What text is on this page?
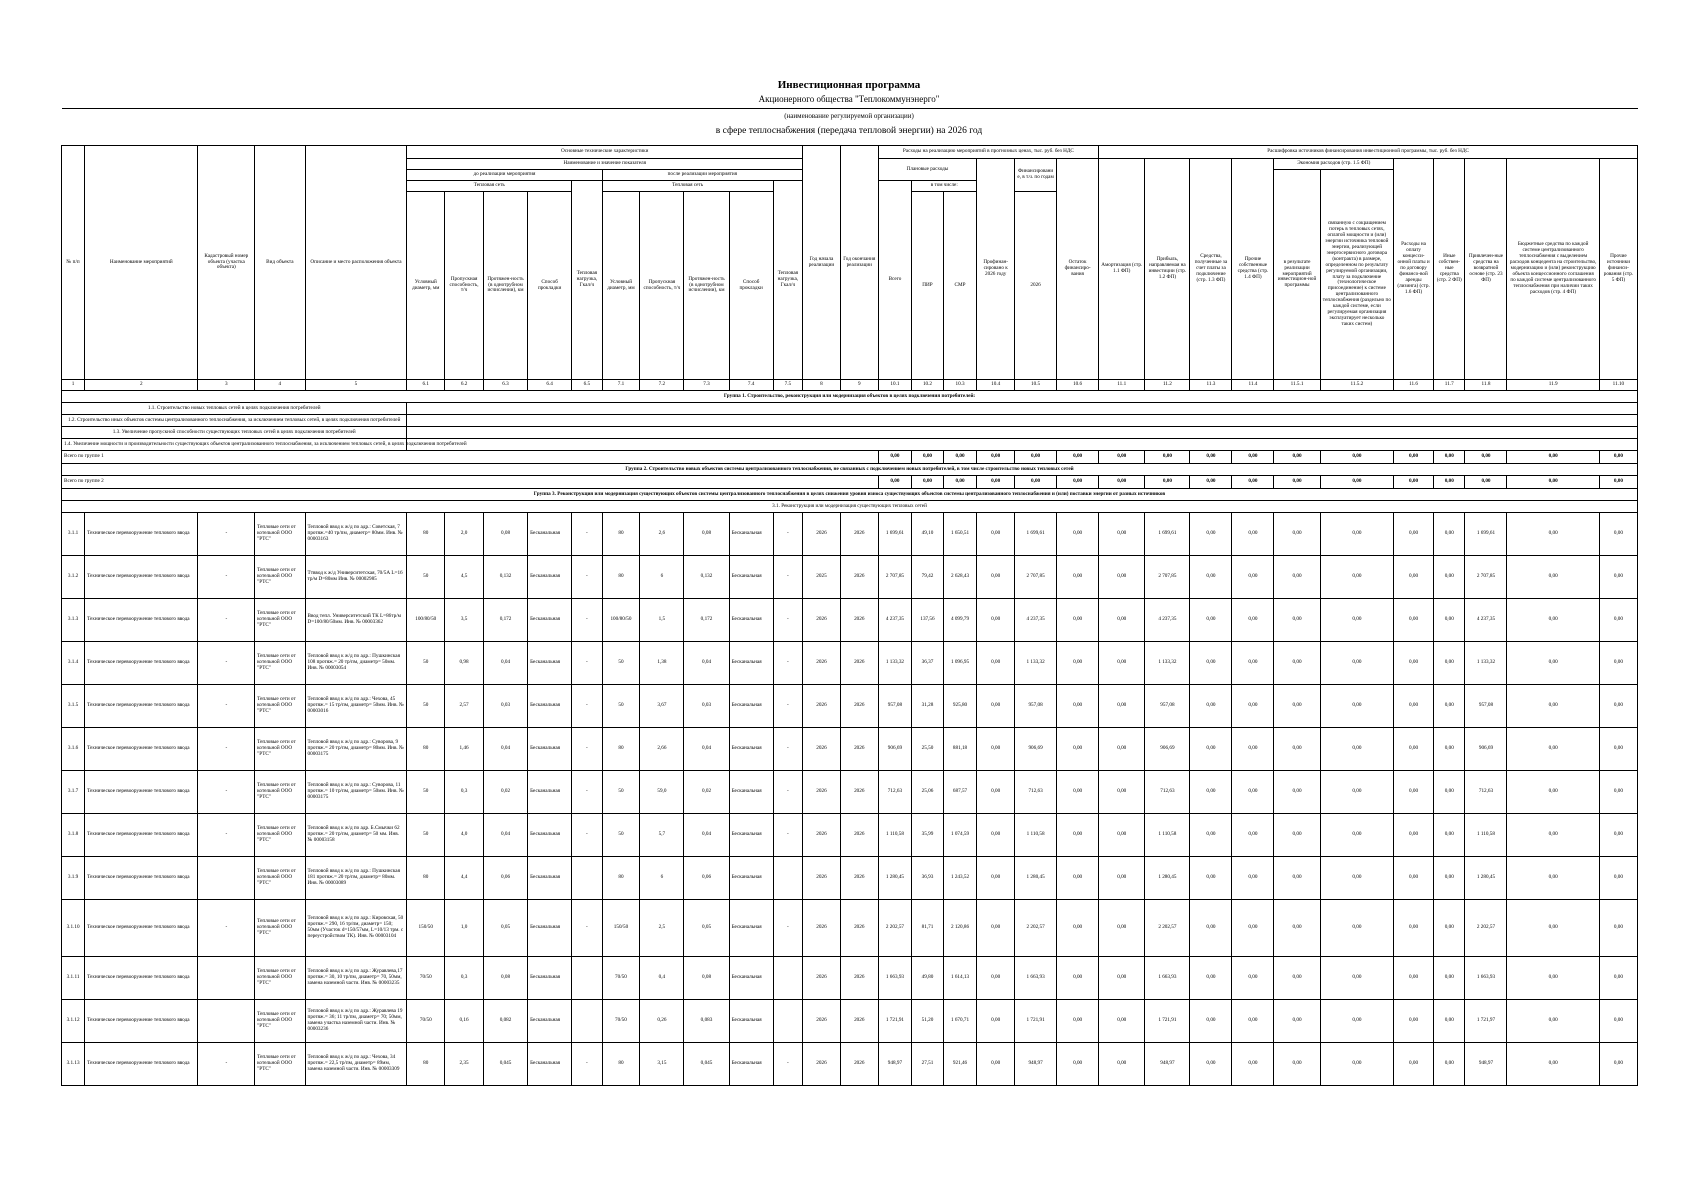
Инвестиционная программа
Акционерного общества "Теплокоммунэнерго"
(наименование регулируемой организации)
в сфере теплоснабжения (передача тепловой энергии) на 2026 год
№ п/п	Наименование мероприятий	Кадастровый номер объекта (участка объекта)	Вид объекта	Описание и место расположения объекта	Основные технические характеристики										Год начала реализации	Год окончания реализации	Расходы на реализацию мероприятий в прогнозных ценах, тыс. руб. без НДС						Расшифровка источников финансирования инвестиционной программы, тыс. руб. без НДС										
					Наименование и значение показателя												Плановые расходы			Профинан-сировано к 2026 году	Финансирование, в т.ч. по годам	Остаток финансиро-вания	Амортизация (стр. 1.1 ФП)	Прибыль, направляемая на инвестиции (стр. 1.2 ФП)	Средства, полученные за счет платы за подключение (стр. 1.3 ФП)	Прочие собственные средства (стр. 1.4 ФП)	Экономия расходов (стр. 1.5 ФП)		Расходы на оплату концесси-онной платы и по договору финансо-вой аренды (лизинга) (стр. 1.6 ФП)	Иные собствен-ные средства (стр. 2 ФП)	Привлечен-ные средства на возвратной основе (стр. 23 ФП)	Бюджетные средства по каждой системе централизованного теплоснабжения с выделением расходов концедента на строительство, модернизацию и (или) реконструкцию объекта концессионного соглашения по каждой системе централизованного теплоснабжения при наличии таких расходов (стр. 4 ФП)	Прочие источники финанси-рования (стр. 5 ФП)
					до реализации мероприятия					после реализации мероприятия																	в результате реализации мероприятий инвестицион-ной программы	связанную с сокращением потерь в тепловых сетях, оплатой мощности и (или) энергии источника тепловой энергии, реализующей энергосервисного договора (контракта) в размере, определенном по результату регулируемой организации, плату за подключение (технологическое присоединение) к системе централизованного теплоснабжения (раздельно по каждой системе, если регулируемая организация эксплуатирует несколько таких систем)					
					Тепловая сеть				Тепловая нагрузка, Гкал/ч	Тепловая сеть				Тепловая нагрузка, Гкал/ч			Всего	в том числе:															
					Условный диаметр, мм	Пропускная способность, т/ч	Протяжен-ность (в однотрубном исчислении), км	Способ прокладки		Условный диаметр, мм	Пропускная способность, т/ч	Протяжен-ность (в однотрубном исчислении), км	Способ прокладки					ПИР	СМР		2026												
1	2	3	4	5	6.1	6.2	6.3	6.4	6.5	7.1	7.2	7.3	7.4	7.5	8	9	10.1	10.2	10.3	10.4	10.5	10.6	11.1	11.2	11.3	11.4	11.5.1	11.5.2	11.6	11.7	11.8	11.9	11.10
Группа 1. Строительство, реконструкция или модернизация объектов в целях подключения потребителей:																																	
1.1. Строительство новых тепловых сетей в целях подключения потребителей																																	
1.2. Строительство иных объектов системы централизованного теплоснабжения, за исключением тепловых сетей, в целях подключения потребителей																																	
1.3. Увеличение пропускной способности существующих тепловых сетей в целях подключения потребителей																																	
1.4. Увеличение мощности и производительности существующих объектов централизованного теплоснабжения, за исключением тепловых сетей, в целях подключения потребителей																																	
Всего по группе 1																	0,00	0,00	0,00	0,00	0,00	0,00	0,00	0,00	0,00	0,00	0,00	0,00	0,00	0,00	0,00	0,00	0,00
Группа 2. Строительство новых объектов системы централизованного теплоснабжения, не связанных с подключением новых потребителей, в том числе строительство новых тепловых сетей																																	
Всего по группе 2																	0,00	0,00	0,00	0,00	0,00	0,00	0,00	0,00	0,00	0,00	0,00	0,00	0,00	0,00	0,00	0,00	0,00
Группа 3. Реконструкция или модернизация существующих объектов системы централизованного теплоснабжения в целях снижения уровня износа существующих объектов системы централизованного теплоснабжения и (или) поставки энергии от разных источников																																	
3.1. Реконструкция или модернизация существующих тепловых сетей																																	
3.1.1	Техническое перевооружение теплового ввода	-	Тепловые сети от котельной ООО "РТС"	Тепловой ввод к ж/д по адр.: Советская, 7 протяж.=40 тр/пм, диаметр= 80мм. Инв. № 00003163	80	2,0	0,08	Бесканальная	-	80	2,6	0,08	Бесканальная	-	2026	2026	1 699,61	49,10	1 650,51	0,00	1 699,61	0,00	0,00	1 699,61	0,00	0,00	0,00	0,00	0,00	0,00	1 699,61	0,00	0,00
3.1.2	Техническое перевооружение теплового ввода	-	Тепловые сети от котельной ООО "РТС"	Ттввод к ж/д Университетская, 70/5А L=16 тр/м D=80мм Инв. № 00002985	50	4,5	0,132	Бесканальная	-	80	6	0,132	Бесканальная	-	2025	2026	2 707,85	79,42	2 628,43	0,00	2 707,85	0,00	0,00	2 707,85	0,00	0,00	0,00	0,00	0,00	0,00	2 707,85	0,00	0,00
3.1.3	Техническое перевооружение теплового ввода	-	Тепловые сети от котельной ООО "РТС"	Ввод тепл. Университетский ТК L=86тр/м D=100/80/50мм. Инв. № 00003362	100/80/50	3,5	0,172	Бесканальная	-	100/80/50	1,5	0,172	Бесканальная	-	2026	2026	4 237,35	137,56	4 099,79	0,00	4 237,35	0,00	0,00	4 237,35	0,00	0,00	0,00	0,00	0,00	0,00	4 237,35	0,00	0,00
3.1.4	Техническое перевооружение теплового ввода	-	Тепловые сети от котельной ООО "РТС"	Тепловой ввод к ж/д по адр.: Пушкинская 108 протяж.= 20 тр/пм, диаметр= 50мм. Инв. № 00003054	50	0,98	0,04	Бесканальная	-	50	1,38	0,04	Бесканальная	-	2026	2026	1 133,32	36,37	1 096,95	0,00	1 133,32	0,00	0,00	1 133,32	0,00	0,00	0,00	0,00	0,00	0,00	1 133,32	0,00	0,00
3.1.5	Техническое перевооружение теплового ввода	-	Тепловые сети от котельной ООО "РТС"	Тепловой ввод к ж/д по адр.: Чехова, 45 протяж.= 15 тр/пм, диаметр= 50мм. Инв. № 00003016	50	2,57	0,03	Бесканальная	-	50	3,67	0,03	Бесканальная	-	2026	2026	957,08	31,28	925,80	0,00	957,08	0,00	0,00	957,08	0,00	0,00	0,00	0,00	0,00	0,00	957,08	0,00	0,00
3.1.6	Техническое перевооружение теплового ввода	-	Тепловые сети от котельной ООО "РТС"	Тепловой ввод к ж/д по адр.: Суворова, 9 протяж.= 20 тр/пм, диаметр= 80мм. Инв. № 00003175	80	1,46	0,04	Бесканальная	-	80	2,66	0,04	Бесканальная	-	2026	2026	906,69	25,50	881,18	0,00	906,69	0,00	0,00	906,69	0,00	0,00	0,00	0,00	0,00	0,00	906,69	0,00	0,00
3.1.7	Техническое перевооружение теплового ввода	-	Тепловые сети от котельной ООО "РТС"	Тепловой ввод к ж/д по адр.: Суворова, 11 протяж.= 10 тр/пм, диаметр= 50мм. Инв. № 00003175	50	0,3	0,02	Бесканальная	-	50	59,0	0,02	Бесканальная	-	2026	2026	712,63	25,06	687,57	0,00	712,63	0,00	0,00	712,63	0,00	0,00	0,00	0,00	0,00	0,00	712,63	0,00	0,00
3.1.8	Техническое перевооружение теплового ввода	-	Тепловые сети от котельной ООО "РТС"	Тепловой ввод к ж/д по адр. Б.Смычки 62 протяж.= 20 тр/пм, диаметр= 50 мм. Инв. № 00003158	50	4,0	0,04	Бесканальная	-	50	5,7	0,04	Бесканальная	-	2026	2026	1 110,58	35,99	1 074,59	0,00	1 110,58	0,00	0,00	1 110,58	0,00	0,00	0,00	0,00	0,00	0,00	1 110,58	0,00	0,00
3.1.9	Техническое перевооружение теплового ввода		Тепловые сети от котельной ООО "РТС"	Тепловой ввод к ж/д по адр.: Пушкинская 181 протяж.= 20 тр/пм, диаметр= 80мм. Инв. № 00003089	80	4,4	0,06	Бесканальная		80	6	0,06	Бесканальная		2026	2026	1 280,45	36,93	1 243,52	0,00	1 280,45	0,00	0,00	1 280,45	0,00	0,00	0,00	0,00	0,00	0,00	1 280,45	0,00	0,00
3.1.10	Техническое перевооружение теплового ввода	-	Тепловые сети от котельной ООО "РТС"	Тепловой ввод к ж/д по адр.: Кировская, 50 протяж.= 290, 16 тр/пм, диаметр= 150; 50мм (Участок d=150/57мм, L=10/13 трм. с переустройством ТК). Инв. № 00003104	150/50	1,0	0,05	Бесканальная	-	150/50	2,5	0,05	Бесканальная	-	2026	2026	2 202,57	81,71	2 120,86	0,00	2 202,57	0,00	0,00	2 202,57	0,00	0,00	0,00	0,00	0,00	0,00	2 202,57	0,00	0,00
3.1.11	Техническое перевооружение теплового ввода		Тепловые сети от котельной ООО "РТС"	Тепловой ввод к ж/д по адр.: Журавлева,17 протяж.= 30, 10 тр/пм, диаметр= 70, 50мм, замена наземной части. Инв. № 00003235	70/50	0,3	0,08	Бесканальная		70/50	0,4	0,08	Бесканальная		2026	2026	1 663,93	49,80	1 614,13	0,00	1 663,93	0,00	0,00	1 663,93	0,00	0,00	0,00	0,00	0,00	0,00	1 663,93	0,00	0,00
3.1.12	Техническое перевооружение теплового ввода		Тепловые сети от котельной ООО "РТС"	Тепловой ввод к ж/д по адр.: Журавлева 19 протяж.= 36; 11 тр/пм, диаметр= 70; 50мм, замена участка наземной части. Инв. № 00003236	70/50	0,16	0,082	Бесканальная		70/50	0,26	0,083	Бесканальная		2026	2026	1 721,91	51,20	1 670,71	0,00	1 721,91	0,00	0,00	1 721,91	0,00	0,00	0,00	0,00	0,00	0,00	1 721,97	0,00	0,00
3.1.13	Техническое перевооружение теплового ввода	-	Тепловые сети от котельной ООО "РТС"	Тепловой ввод к ж/д по адр.: Чехова, 34 протяж.= 22,5 тр/пм, диаметр= 89мм, замена наземной части. Инв. № 00003309	80	2,35	0,045	Бесканальная	-	80	3,15	0,045	Бесканальная	-	2026	2026	948,97	27,51	921,46	0,00	948,97	0,00	0,00	948,97	0,00	0,00	0,00	0,00	0,00	0,00	948,97	0,00	0,00
